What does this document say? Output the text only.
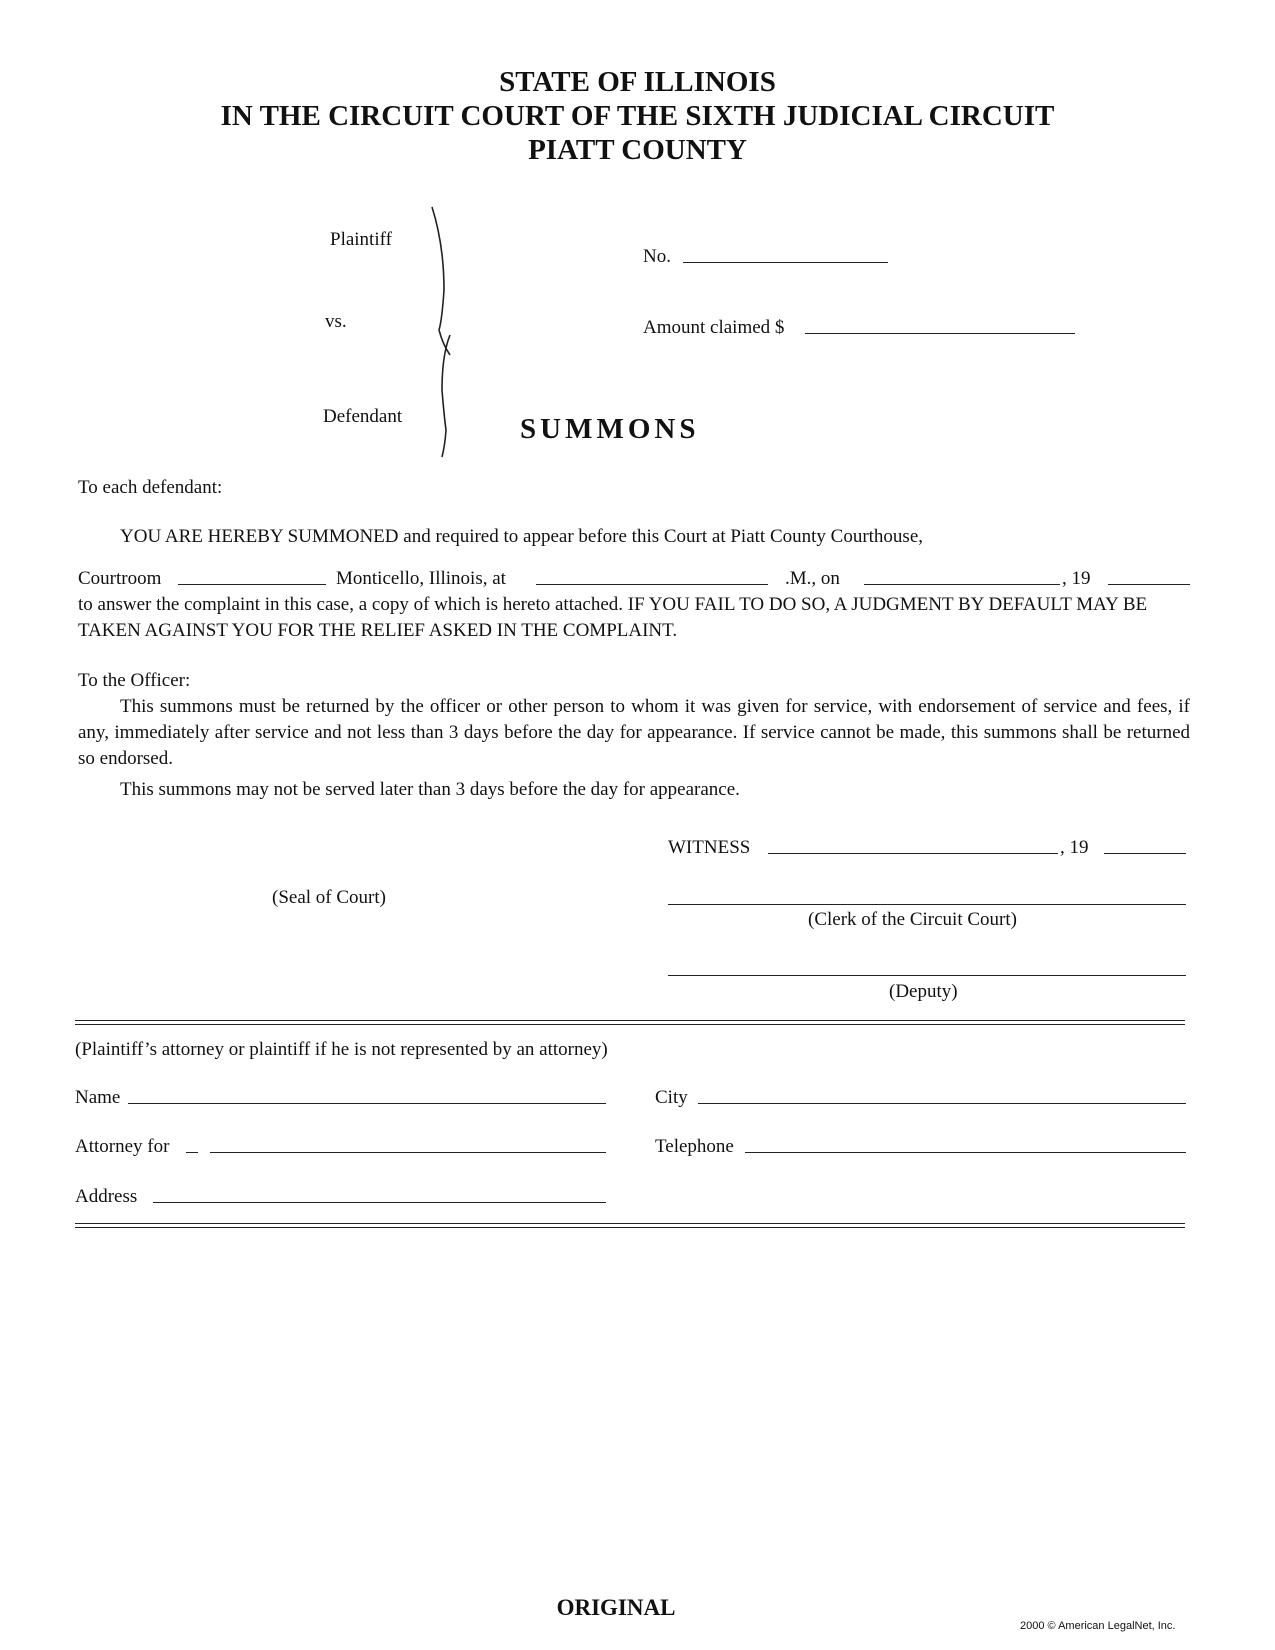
STATE OF ILLINOIS
IN THE CIRCUIT COURT OF THE SIXTH JUDICIAL CIRCUIT
PIATT COUNTY
Plaintiff
vs.
Defendant
No.
Amount claimed $
SUMMONS
To each defendant:
YOU ARE HEREBY SUMMONED and required to appear before this Court at Piatt County Courthouse,
Courtroom	Monticello, Illinois, at	.M., on	, 19
to answer the complaint in this case, a copy of which is hereto attached. IF YOU FAIL TO DO SO, A JUDGMENT BY DEFAULT MAY BE TAKEN AGAINST YOU FOR THE RELIEF ASKED IN THE COMPLAINT.
To the Officer:
This summons must be returned by the officer or other person to whom it was given for service, with endorsement of service and fees, if any, immediately after service and not less than 3 days before the day for appearance. If service cannot be made, this summons shall be returned so endorsed.
This summons may not be served later than 3 days before the day for appearance.
WITNESS	, 19
(Seal of Court)
(Clerk of the Circuit Court)
(Deputy)
(Plaintiff’s attorney or plaintiff if he is not represented by an attorney)
Name	City
Attorney for	Telephone
Address
ORIGINAL
2000 © American LegalNet, Inc.
